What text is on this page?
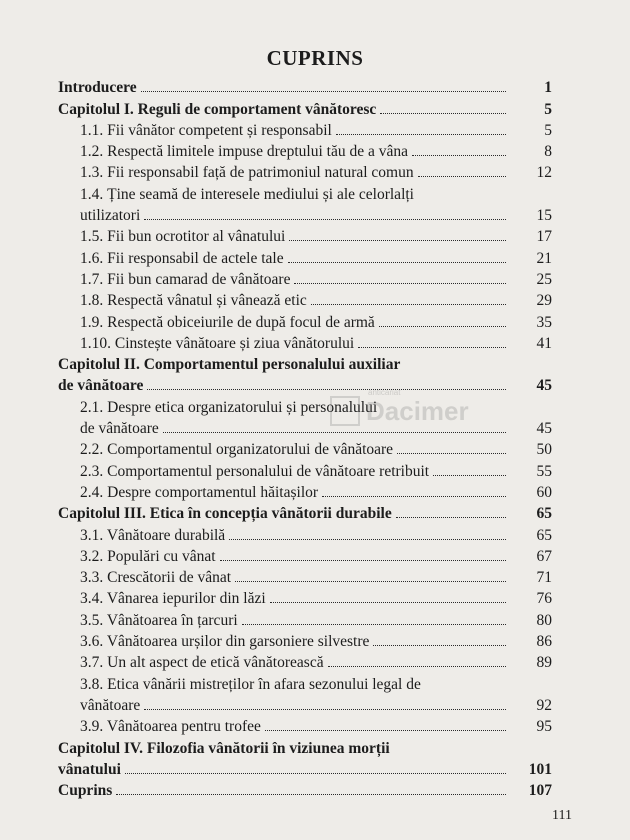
CUPRINS
Introducere	1
Capitolul I. Reguli de comportament vânătoresc	5
1.1. Fii vânător competent și responsabil	5
1.2. Respectă limitele impuse dreptului tău de a vâna	8
1.3. Fii responsabil față de patrimoniul natural comun	12
1.4. Ține seamă de interesele mediului și ale celorlalți
utilizatori	15
1.5. Fii bun ocrotitor al vânatului	17
1.6. Fii responsabil de actele tale	21
1.7. Fii bun camarad de vânătoare	25
1.8. Respectă vânatul și vânează etic	29
1.9. Respectă obiceiurile de după focul de armă	35
1.10. Cinstește vânătoare și ziua vânătorului	41
Capitolul II. Comportamentul personalului auxiliar
de vânătoare	45
2.1. Despre etica organizatorului și personalului
de vânătoare	45
2.2. Comportamentul organizatorului de vânătoare	50
2.3. Comportamentul personalului de vânătoare retribuit	55
2.4. Despre comportamentul hăitașilor	60
Capitolul III. Etica în concepția vânătorii durabile	65
3.1. Vânătoare durabilă	65
3.2. Populări cu vânat	67
3.3. Crescătorii de vânat	71
3.4. Vânarea iepurilor din lăzi	76
3.5. Vânătoarea în țarcuri	80
3.6. Vânătoarea urșilor din garsoniere silvestre	86
3.7. Un alt aspect de etică vânătorească	89
3.8. Etica vânării mistreților în afara sezonului legal de
vânătoare	92
3.9. Vânătoarea pentru trofee	95
Capitolul IV. Filozofia vânătorii în viziunea morții
vânatului	101
Cuprins	107
111
anticariat
Dacimer
